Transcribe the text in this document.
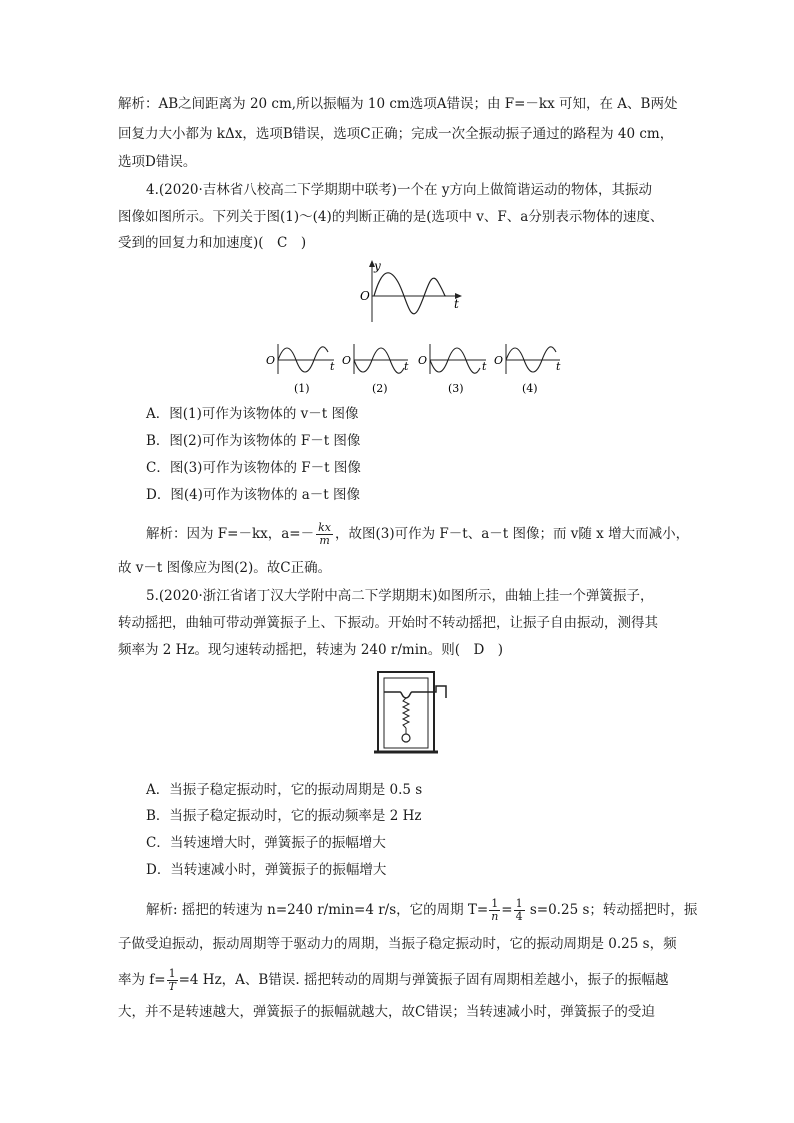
解析：AB之间距离为 20 cm,所以振幅为 10 cm选项A错误；由 F=－kx 可知，在 A、B两处
回复力大小都为 kΔx，选项B错误，选项C正确；完成一次全振动振子通过的路程为 40 cm，
选项D错误。
4.(2020·吉林省八校高二下学期期中联考)一个在 y方向上做简谐运动的物体，其振动
图像如图所示。下列关于图(1)～(4)的判断正确的是(选项中 v、F、a分别表示物体的速度、
受到的回复力和加速度)(　C　)
y
O
t
O	t
(1)
O	t
(2)
O	t
(3)
O	t
(4)
A．图(1)可作为该物体的 v－t 图像
B．图(2)可作为该物体的 F－t 图像
C．图(3)可作为该物体的 F－t 图像
D．图(4)可作为该物体的 a－t 图像
解析：因为 F=－kx，$a=- \frac{kx}{m}$ ，故图(3)可作为 F－t、a－t 图像；而 v随 x 增大而减小，
故 v－t 图像应为图(2)。故C正确。
5.(2020·浙江省诸丁汉大学附中高二下学期期末)如图所示，曲轴上挂一个弹簧振子，
转动摇把，曲轴可带动弹簧振子上、下振动。开始时不转动摇把，让振子自由振动，测得其
频率为 2 Hz。现匀速转动摇把，转速为 240 r/min。则(　D　)
A．当振子稳定振动时，它的振动周期是 0.5 s
B．当振子稳定振动时，它的振动频率是 2 Hz
C．当转速增大时，弹簧振子的振幅增大
D．当转速减小时，弹簧振子的振幅增大
解析: 摇把的转速为 n=240 r/min=4 r/s，它的周期 $T= \frac{1}{n} = \frac{1}{4} s=0.25$ s；转动摇把时，振
子做受迫振动，振动周期等于驱动力的周期，当振子稳定振动时，它的振动周期是 0.25 s，频
率为 $f= \frac{1}{T} =4$ Hz，A、B错误. 摇把转动的周期与弹簧振子固有周期相差越小，振子的振幅越
大，并不是转速越大，弹簧振子的振幅就越大，故C错误；当转速减小时，弹簧振子的受迫
